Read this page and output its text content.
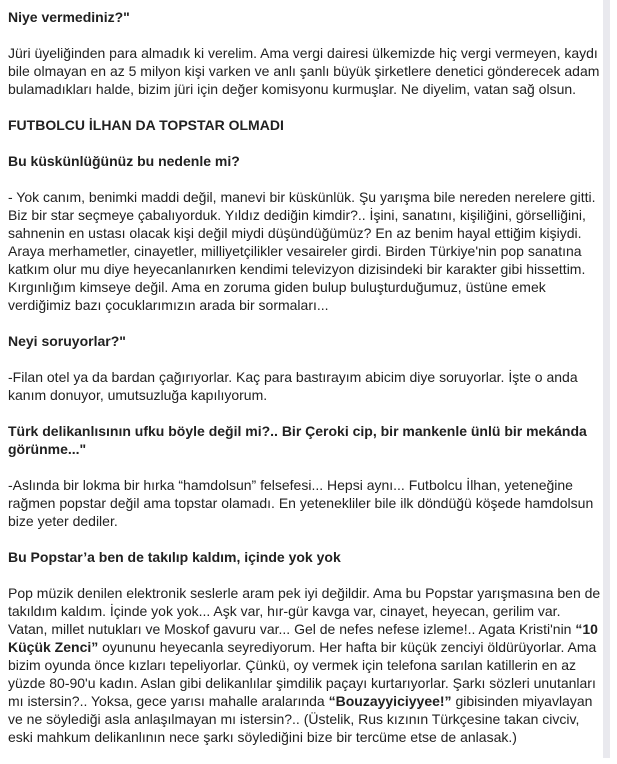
Niye vermediniz?"

Jüri üyeliğinden para almadık ki verelim. Ama vergi dairesi ülkemizde hiç vergi vermeyen, kaydı bile olmayan en az 5 milyon kişi varken ve anlı şanlı büyük şirketlere denetici gönderecek adam bulamadıkları halde, bizim jüri için değer komisyonu kurmuşlar. Ne diyelim, vatan sağ olsun.

FUTBOLCU İLHAN DA TOPSTAR OLMADI
Bu küskünlüğünüz bu nedenle mi?

- Yok canım, benimki maddi değil, manevi bir küskünlük. Şu yarışma bile nereden nerelere gitti. Biz bir star seçmeye çabalıyorduk. Yıldız dediğin kimdir?.. İşini, sanatını, kişiliğini, görselliğini, sahnenin en ustası olacak kişi değil miydi düşündüğümüz? En az benim hayal ettiğim kişiydi. Araya merhametler, cinayetler, milliyetçilikler vesaireler girdi. Birden Türkiye'nin pop sanatına katkım olur mu diye heyecanlanırken kendimi televizyon dizisindeki bir karakter gibi hissettim. Kırgınlığım kimseye değil. Ama en zoruma giden bulup buluşturduğumuz, üstüne emek verdiğimiz bazı çocuklarımızın arada bir sormaları...

Neyi soruyorlar?"

-Filan otel ya da bardan çağırıyorlar. Kaç para bastırayım abicim diye soruyorlar. İşte o anda kanım donuyor, umutsuzluğa kapılıyorum.

Türk delikanlısının ufku böyle değil mi?.. Bir Çeroki cip, bir mankenle ünlü bir mekánda görünme..."

-Aslında bir lokma bir hırka “hamdolsun” felsefesi... Hepsi aynı... Futbolcu İlhan, yeteneğine rağmen popstar değil ama topstar olamadı. En yetenekliler bile ilk döndüğü köşede hamdolsun bize yeter dediler.

Bu Popstar’a ben de takılıp kaldım, içinde yok yok

Pop müzik denilen elektronik seslerle aram pek iyi değildir. Ama bu Popstar yarışmasına ben de takıldım kaldım. İçinde yok yok... Aşk var, hır-gür kavga var, cinayet, heyecan, gerilim var. Vatan, millet nutukları ve Moskof gavuru var... Gel de nefes nefese izleme!.. Agata Kristi'nin “10 Küçük Zenci” oyununu heyecanla seyrediyorum. Her hafta bir küçük zenciyi öldürüyorlar. Ama bizim oyunda önce kızları tepeliyorlar. Çünkü, oy vermek için telefona sarılan katillerin en az yüzde 80-90'u kadın. Aslan gibi delikanlılar şimdilik paçayı kurtarıyorlar. Şarkı sözleri unutanları mı istersin?.. Yoksa, gece yarısı mahalle aralarında “Bouzayyiciyyee!” gibisinden miyavlayan ve ne söylediği asla anlaşılmayan mı istersin?.. (Üstelik, Rus kızının Türkçesine takan civciv, eski mahkum delikanlının nece şarkı söylediğini bize bir tercüme etse de anlasak.)
